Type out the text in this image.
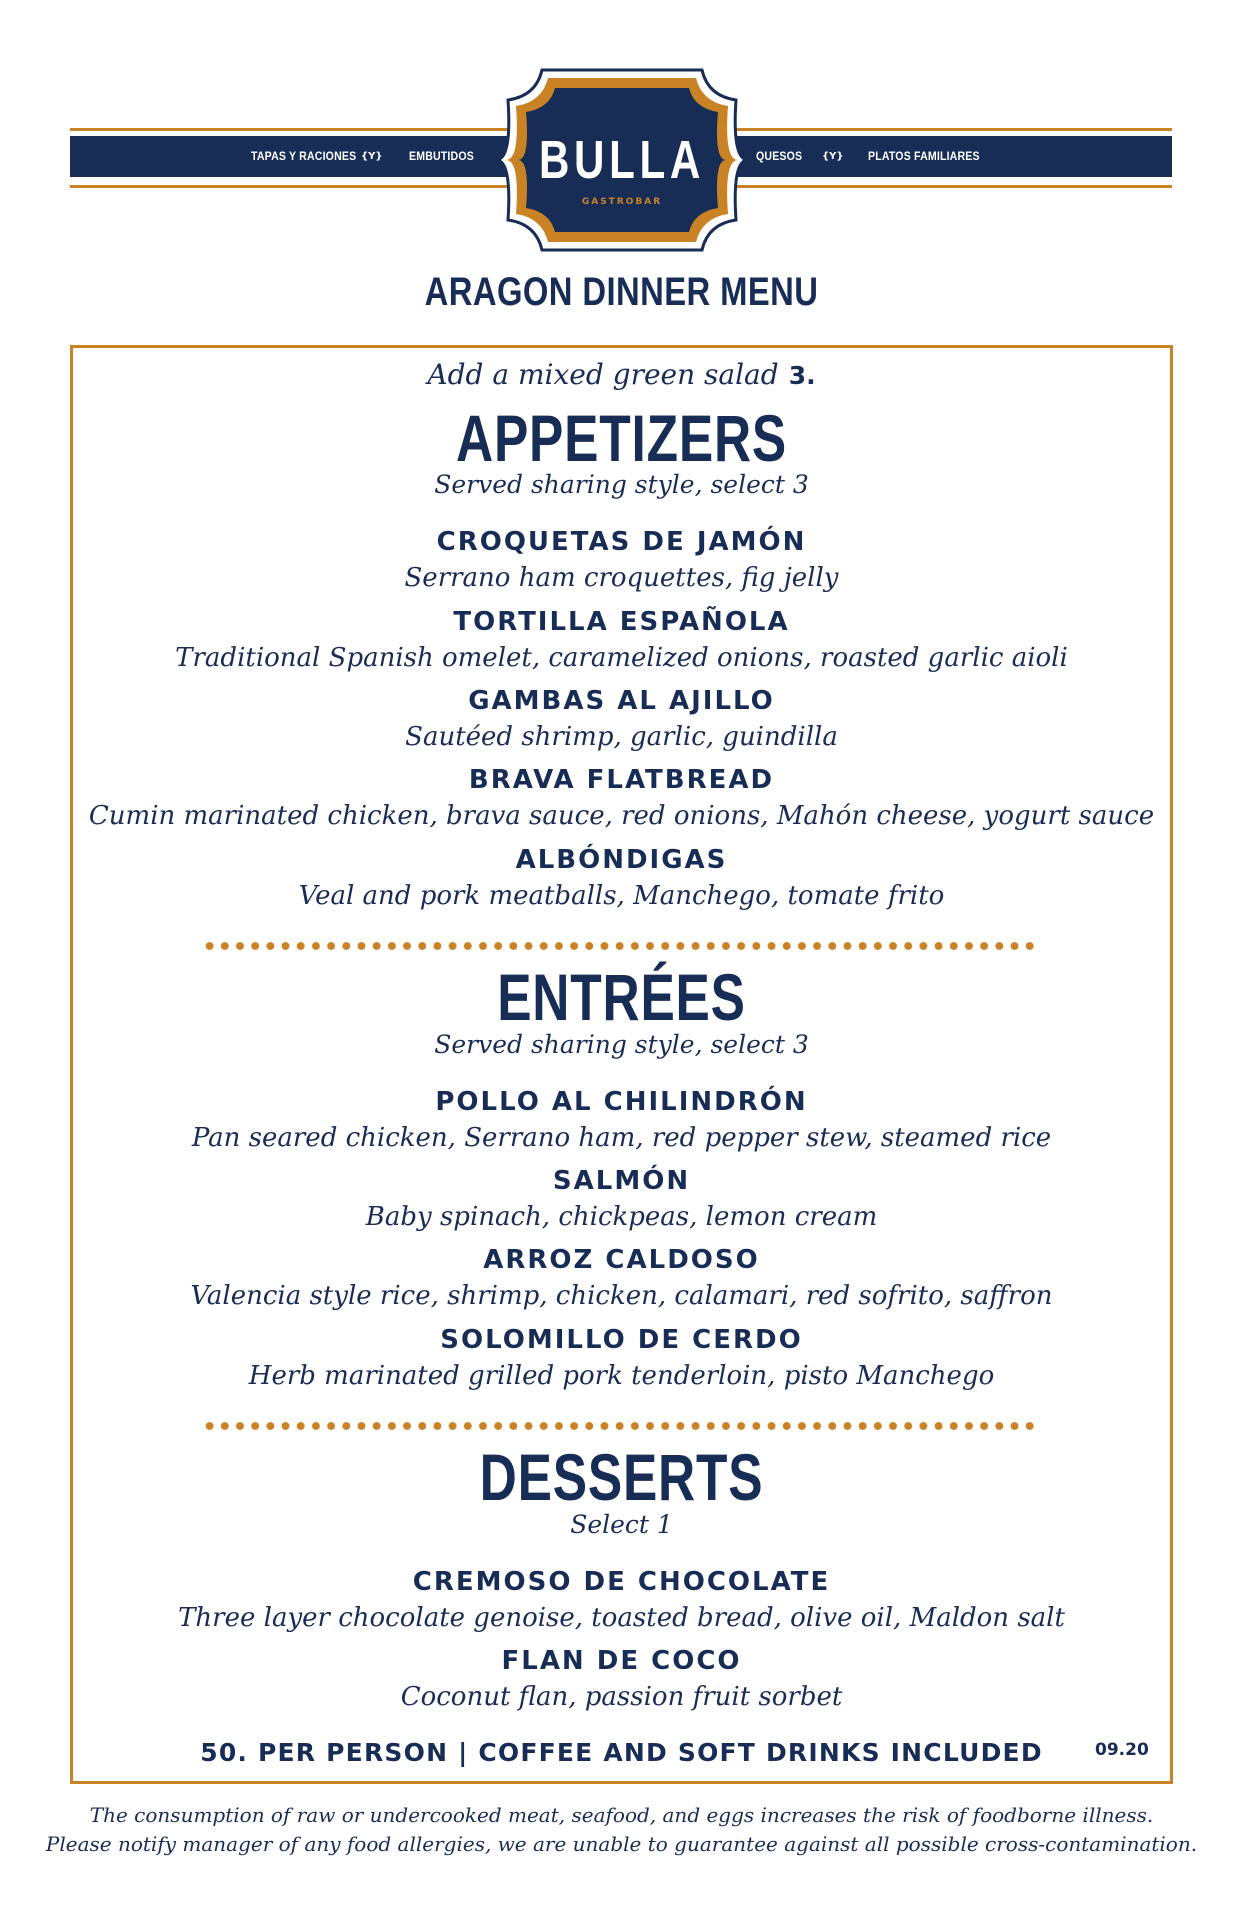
TAPAS Y RACIONES {Y} EMBUTIDOS	QUESOS {Y} PLATOS FAMILIARES
BULLA
GASTROBAR
ARAGON DINNER MENU
Add a mixed green salad 3.
APPETIZERS
Served sharing style, select 3
CROQUETAS DE JAMÓN
Serrano ham croquettes, fig jelly
TORTILLA ESPAÑOLA
Traditional Spanish omelet, caramelized onions, roasted garlic aioli
GAMBAS AL AJILLO
Sautéed shrimp, garlic, guindilla
BRAVA FLATBREAD
Cumin marinated chicken, brava sauce, red onions, Mahón cheese, yogurt sauce
ALBÓNDIGAS
Veal and pork meatballs, Manchego, tomate frito
ENTRÉES
Served sharing style, select 3
POLLO AL CHILINDRÓN
Pan seared chicken, Serrano ham, red pepper stew, steamed rice
SALMÓN
Baby spinach, chickpeas, lemon cream
ARROZ CALDOSO
Valencia style rice, shrimp, chicken, calamari, red sofrito, saffron
SOLOMILLO DE CERDO
Herb marinated grilled pork tenderloin, pisto Manchego
DESSERTS
Select 1
CREMOSO DE CHOCOLATE
Three layer chocolate genoise, toasted bread, olive oil, Maldon salt
FLAN DE COCO
Coconut flan, passion fruit sorbet
50. PER PERSON | COFFEE AND SOFT DRINKS INCLUDED	09.20
The consumption of raw or undercooked meat, seafood, and eggs increases the risk of foodborne illness.
Please notify manager of any food allergies, we are unable to guarantee against all possible cross-contamination.
